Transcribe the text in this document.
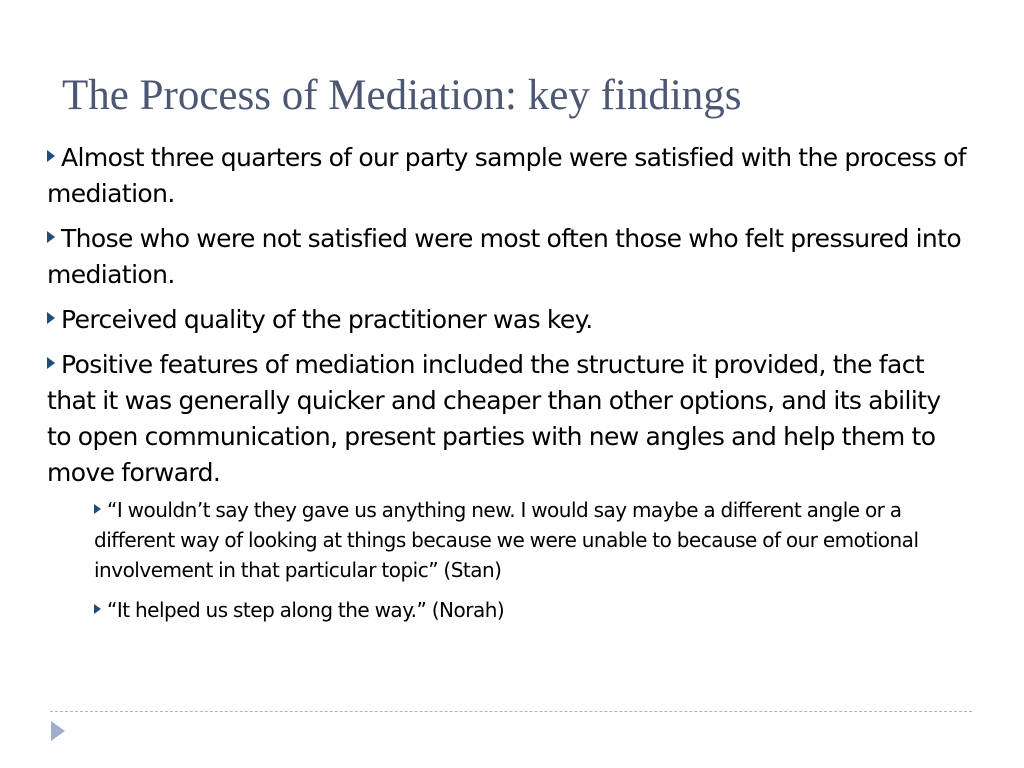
The Process of Mediation: key findings
Almost three quarters of our party sample were satisfied with the process of mediation.
Those who were not satisfied were most often those who felt pressured into mediation.
Perceived quality of the practitioner was key.
Positive features of mediation included the structure it provided, the fact that it was generally quicker and cheaper than other options, and its ability to open communication, present parties with new angles and help them to move forward.
“I wouldn’t say they gave us anything new. I would say maybe a different angle or a different way of looking at things because we were unable to because of our emotional involvement in that particular topic” (Stan)
“It helped us step along the way.” (Norah)
